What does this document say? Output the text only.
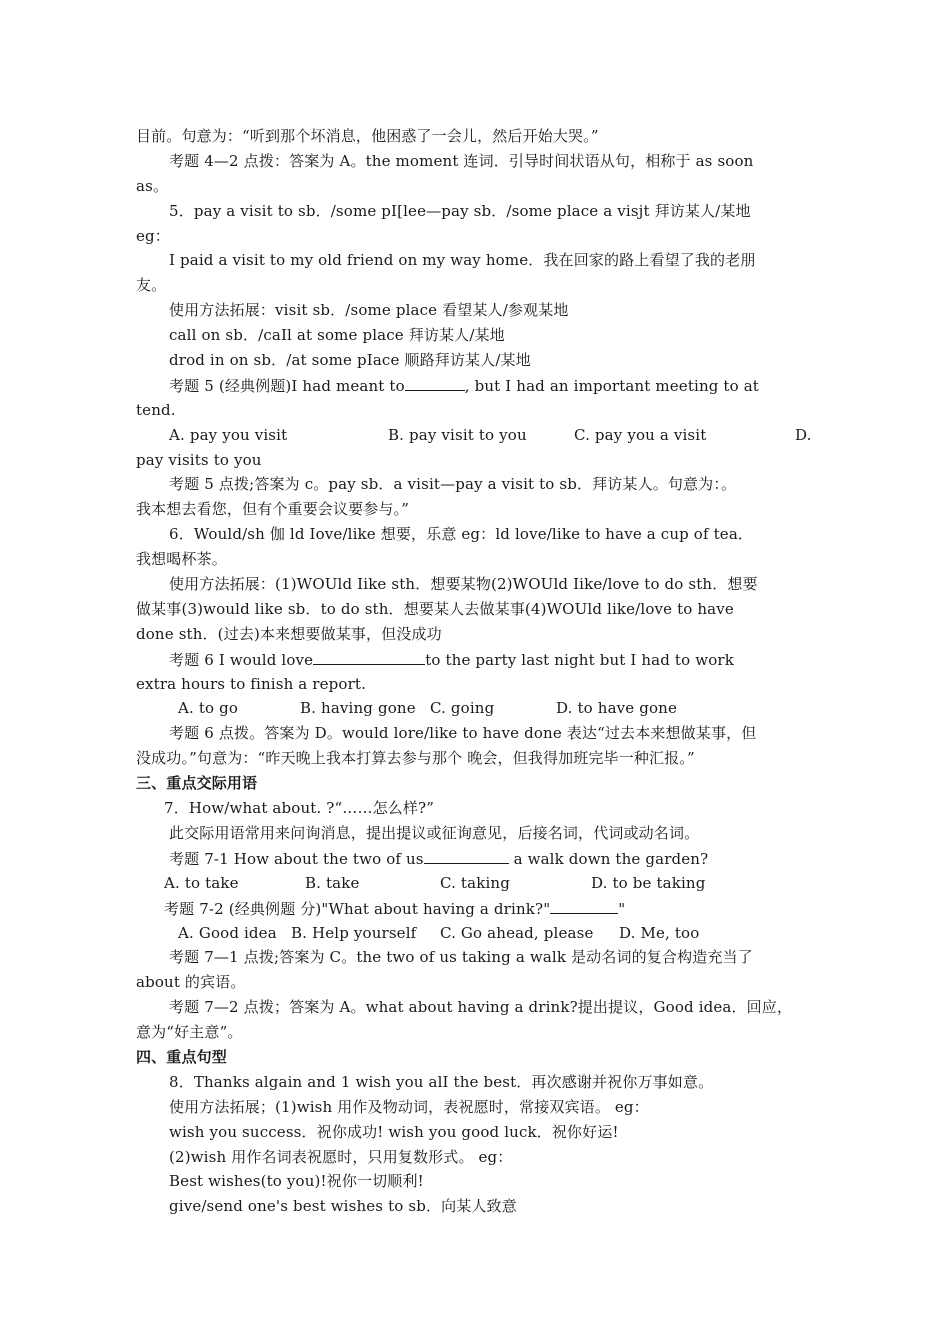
目前。句意为：“听到那个坏消息，他困惑了一会儿，然后开始大哭。”
考题 4—2 点拨：答案为 A。the moment 连词．引导时间状语从句，相称于 as soon
as。
5．pay a visit to sb．/some pI[lee—pay sb．/some place a visjt 拜访某人/某地
eg：
I paid a visit to my old friend on my way home．我在回家的路上看望了我的老朋
友。
使用方法拓展：visit sb．/some place 看望某人/参观某地
call on sb．/caIl at some place 拜访某人/某地
drod in on sb．/at some pIace 顺路拜访某人/某地
考题 5 (经典例题)I had meant to	, but I had an important meeting to at
tend.
A. pay you visit	B. pay visit to you	C. pay you a visit	D.
pay visits to you
考题 5 点拨;答案为 c。pay sb．a visit—pay a visit to sb．拜访某人。句意为：。
我本想去看您，但有个重要会议要参与。”
6．Would/sh 伽 ld Iove/like 想要，乐意 eg：ld love/like to have a cup of tea．
我想喝杯茶。
使用方法拓展：(1)WOUld Iike sth．想要某物(2)WOUld Iike/love to do sth．想要
做某事(3)would like sb．to do sth．想要某人去做某事(4)WOUld like/love to have
done sth．(过去)本来想要做某事，但没成功
考题 6 I would love	to the party last night but I had to work
extra hours to finish a report.
A. to go	B. having gone C. going	D. to have gone
考题 6 点拨。答案为 D。would lore/like to have done 表达“过去本来想做某事，但
没成功。”句意为：“昨天晚上我本打算去参与那个 晚会，但我得加班完毕一种汇报。”
三、重点交际用语
7．How/what about. ?“……怎么样?”
此交际用语常用来问询消息，提出提议或征询意见，后接名词，代词或动名词。
考题 7-1 How about the two of us	a walk down the garden?
A. to take	B. take	C. taking	D. to be taking
考题 7-2 (经典例题 分)"What about having a drink?"	"
A. Good idea B. Help yourself C. Go ahead, please D. Me, too
考题 7—1 点拨;答案为 C。the two of us taking a walk 是动名词的复合构造充当了
about 的宾语。
考题 7—2 点拨；答案为 A。what about having a drink?提出提议，Good idea．回应，
意为“好主意”。
四、重点句型
8．Thanks algain and 1 wish you alI the best．再次感谢并祝你万事如意。
使用方法拓展；(1)wish 用作及物动词，表祝愿时，常接双宾语。 eg：
wish you success．祝你成功! wish you good luck．祝你好运!
(2)wish 用作名词表祝愿时，只用复数形式。 eg：
Best wishes(to you)!祝你一切顺利!
give/send one's best wishes to sb．向某人致意
